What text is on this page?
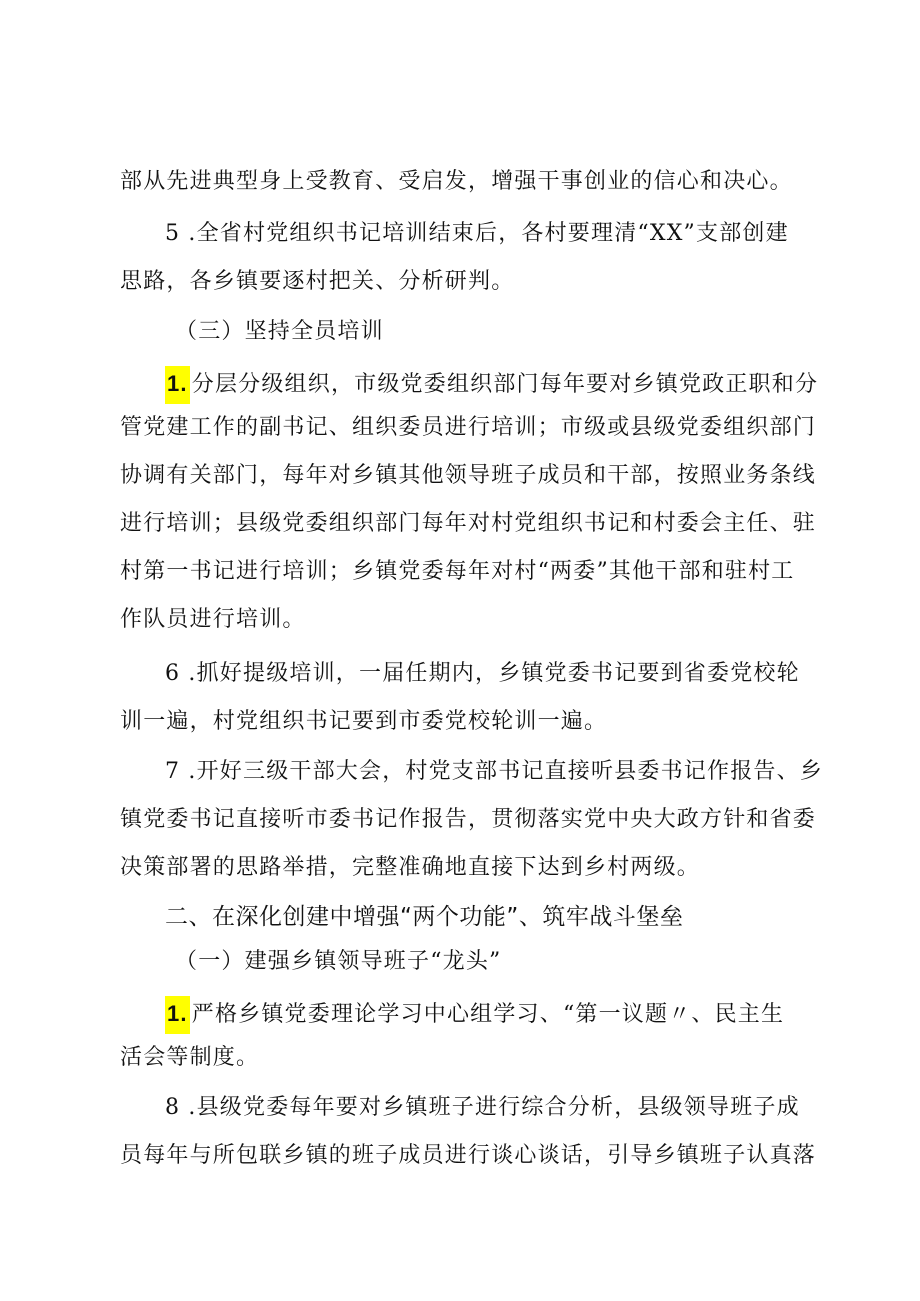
部从先进典型身上受教育、受启发，增强干事创业的信心和决心。
5 .全省村党组织书记培训结束后，各村要理清“XX”支部创建
思路，各乡镇要逐村把关、分析研判。
（三）坚持全员培训
1. 分层分级组织，市级党委组织部门每年要对乡镇党政正职和分
管党建工作的副书记、组织委员进行培训；市级或县级党委组织部门
协调有关部门，每年对乡镇其他领导班子成员和干部，按照业务条线
进行培训；县级党委组织部门每年对村党组织书记和村委会主任、驻
村第一书记进行培训；乡镇党委每年对村“两委”其他干部和驻村工
作队员进行培训。
6 .抓好提级培训，一届任期内，乡镇党委书记要到省委党校轮
训一遍，村党组织书记要到市委党校轮训一遍。
7 .开好三级干部大会，村党支部书记直接听县委书记作报告、乡
镇党委书记直接听市委书记作报告，贯彻落实党中央大政方针和省委
决策部署的思路举措，完整准确地直接下达到乡村两级。
二、在深化创建中增强“两个功能”、筑牢战斗堡垒
（一）建强乡镇领导班子“龙头”
1. 严格乡镇党委理论学习中心组学习、“第一议题〃、民主生
活会等制度。
8 .县级党委每年要对乡镇班子进行综合分析，县级领导班子成
员每年与所包联乡镇的班子成员进行谈心谈话，引导乡镇班子认真落
